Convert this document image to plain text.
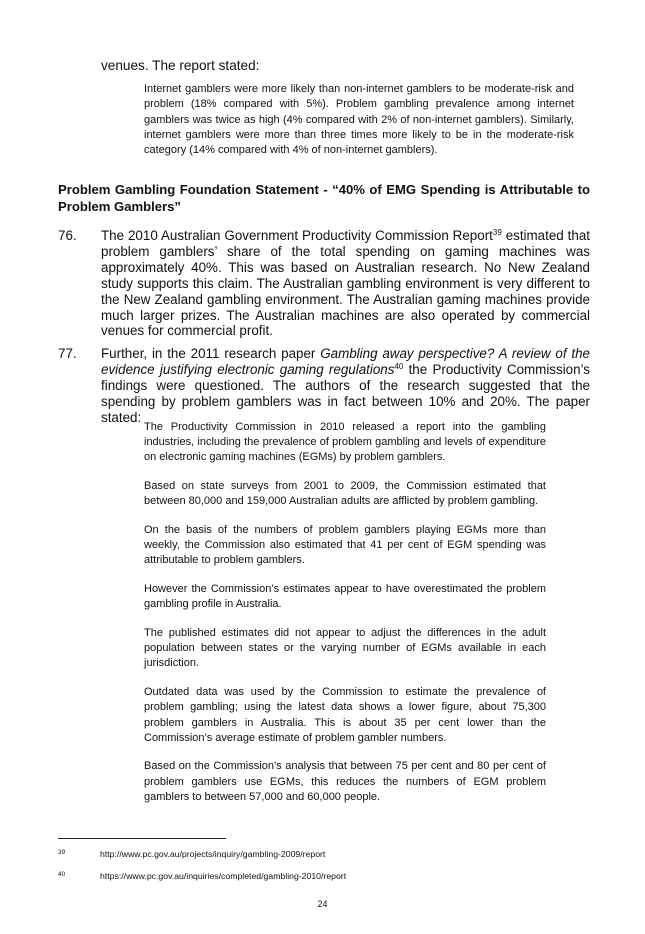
venues. The report stated:
Internet gamblers were more likely than non-internet gamblers to be moderate-risk and problem (18% compared with 5%). Problem gambling prevalence among internet gamblers was twice as high (4% compared with 2% of non-internet gamblers). Similarly, internet gamblers were more than three times more likely to be in the moderate-risk category (14% compared with 4% of non-internet gamblers).
Problem Gambling Foundation Statement - “40% of EMG Spending is Attributable to Problem Gamblers”
76. The 2010 Australian Government Productivity Commission Report$^{39}$ estimated that problem gamblers’ share of the total spending on gaming machines was approximately 40%. This was based on Australian research. No New Zealand study supports this claim. The Australian gambling environment is very different to the New Zealand gambling environment. The Australian gaming machines provide much larger prizes. The Australian machines are also operated by commercial venues for commercial profit.
77. Further, in the 2011 research paper Gambling away perspective? A review of the evidence justifying electronic gaming regulations$^{40}$ the Productivity Commission’s findings were questioned. The authors of the research suggested that the spending by problem gamblers was in fact between 10% and 20%. The paper stated:

The Productivity Commission in 2010 released a report into the gambling industries, including the prevalence of problem gambling and levels of expenditure on electronic gaming machines (EGMs) by problem gamblers.

Based on state surveys from 2001 to 2009, the Commission estimated that between 80,000 and 159,000 Australian adults are afflicted by problem gambling.

On the basis of the numbers of problem gamblers playing EGMs more than weekly, the Commission also estimated that 41 per cent of EGM spending was attributable to problem gamblers.

However the Commission’s estimates appear to have overestimated the problem gambling profile in Australia.

The published estimates did not appear to adjust the differences in the adult population between states or the varying number of EGMs available in each jurisdiction.

Outdated data was used by the Commission to estimate the prevalence of problem gambling; using the latest data shows a lower figure, about 75,300 problem gamblers in Australia. This is about 35 per cent lower than the Commission’s average estimate of problem gambler numbers.

Based on the Commission’s analysis that between 75 per cent and 80 per cent of problem gamblers use EGMs, this reduces the numbers of EGM problem gamblers to between 57,000 and 60,000 people.

39	http://www.pc.gov.au/projects/inquiry/gambling-2009/report
40	https://www.pc.gov.au/inquiries/completed/gambling-2010/report
24
